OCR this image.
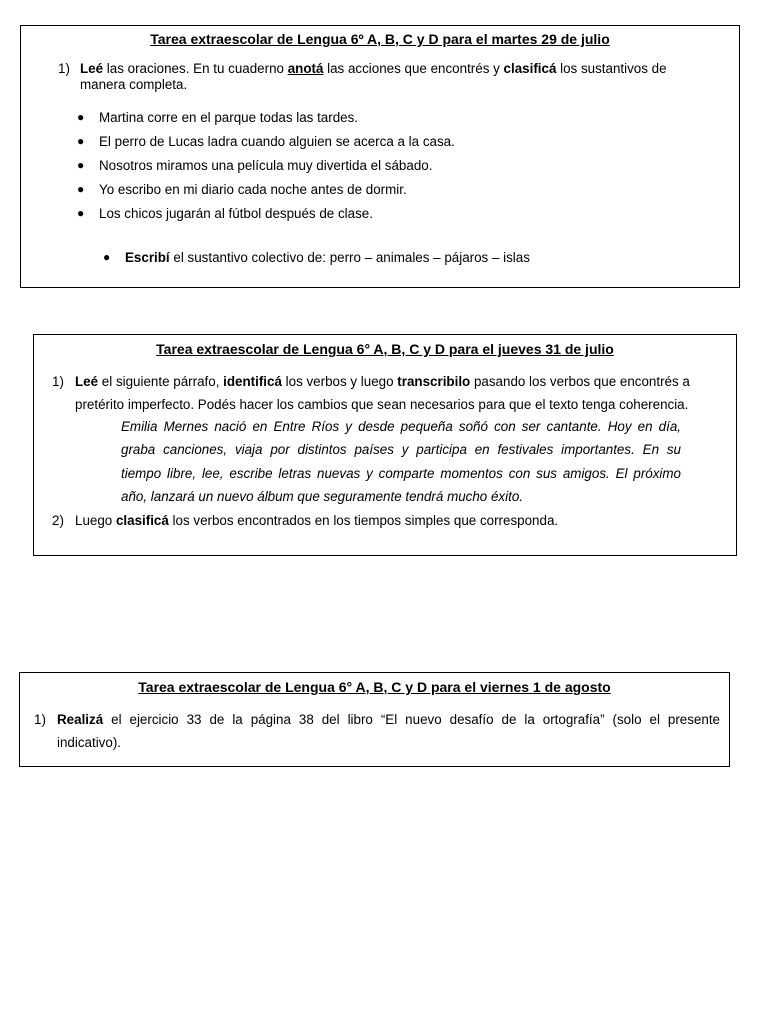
Tarea extraescolar de Lengua 6º A, B, C y D para el martes 29 de julio
1) Leé las oraciones. En tu cuaderno anotá las acciones que encontrés y clasificá los sustantivos de
manera completa.
● Martina corre en el parque todas las tardes.
● El perro de Lucas ladra cuando alguien se acerca a la casa.
● Nosotros miramos una película muy divertida el sábado.
● Yo escribo en mi diario cada noche antes de dormir.
● Los chicos jugarán al fútbol después de clase.
●	Escribí el sustantivo colectivo de: perro – animales – pájaros – islas
Tarea extraescolar de Lengua 6° A, B, C y D para el jueves 31 de julio
1) Leé el siguiente párrafo, identificá los verbos y luego transcribilo pasando los verbos que encontrés a
pretérito imperfecto. Podés hacer los cambios que sean necesarios para que el texto tenga coherencia.
Emilia Mernes nació en Entre Ríos y desde pequeña soñó con ser cantante. Hoy en día,
graba canciones, viaja por distintos países y participa en festivales importantes. En su
tiempo libre, lee, escribe letras nuevas y comparte momentos con sus amigos. El próximo
año, lanzará un nuevo álbum que seguramente tendrá mucho éxito.
2) Luego clasificá los verbos encontrados en los tiempos simples que corresponda.
Tarea extraescolar de Lengua 6° A, B, C y D para el viernes 1 de agosto
1) Realizá el ejercicio 33 de la página 38 del libro “El nuevo desafío de la ortografía” (solo el presente
indicativo).
